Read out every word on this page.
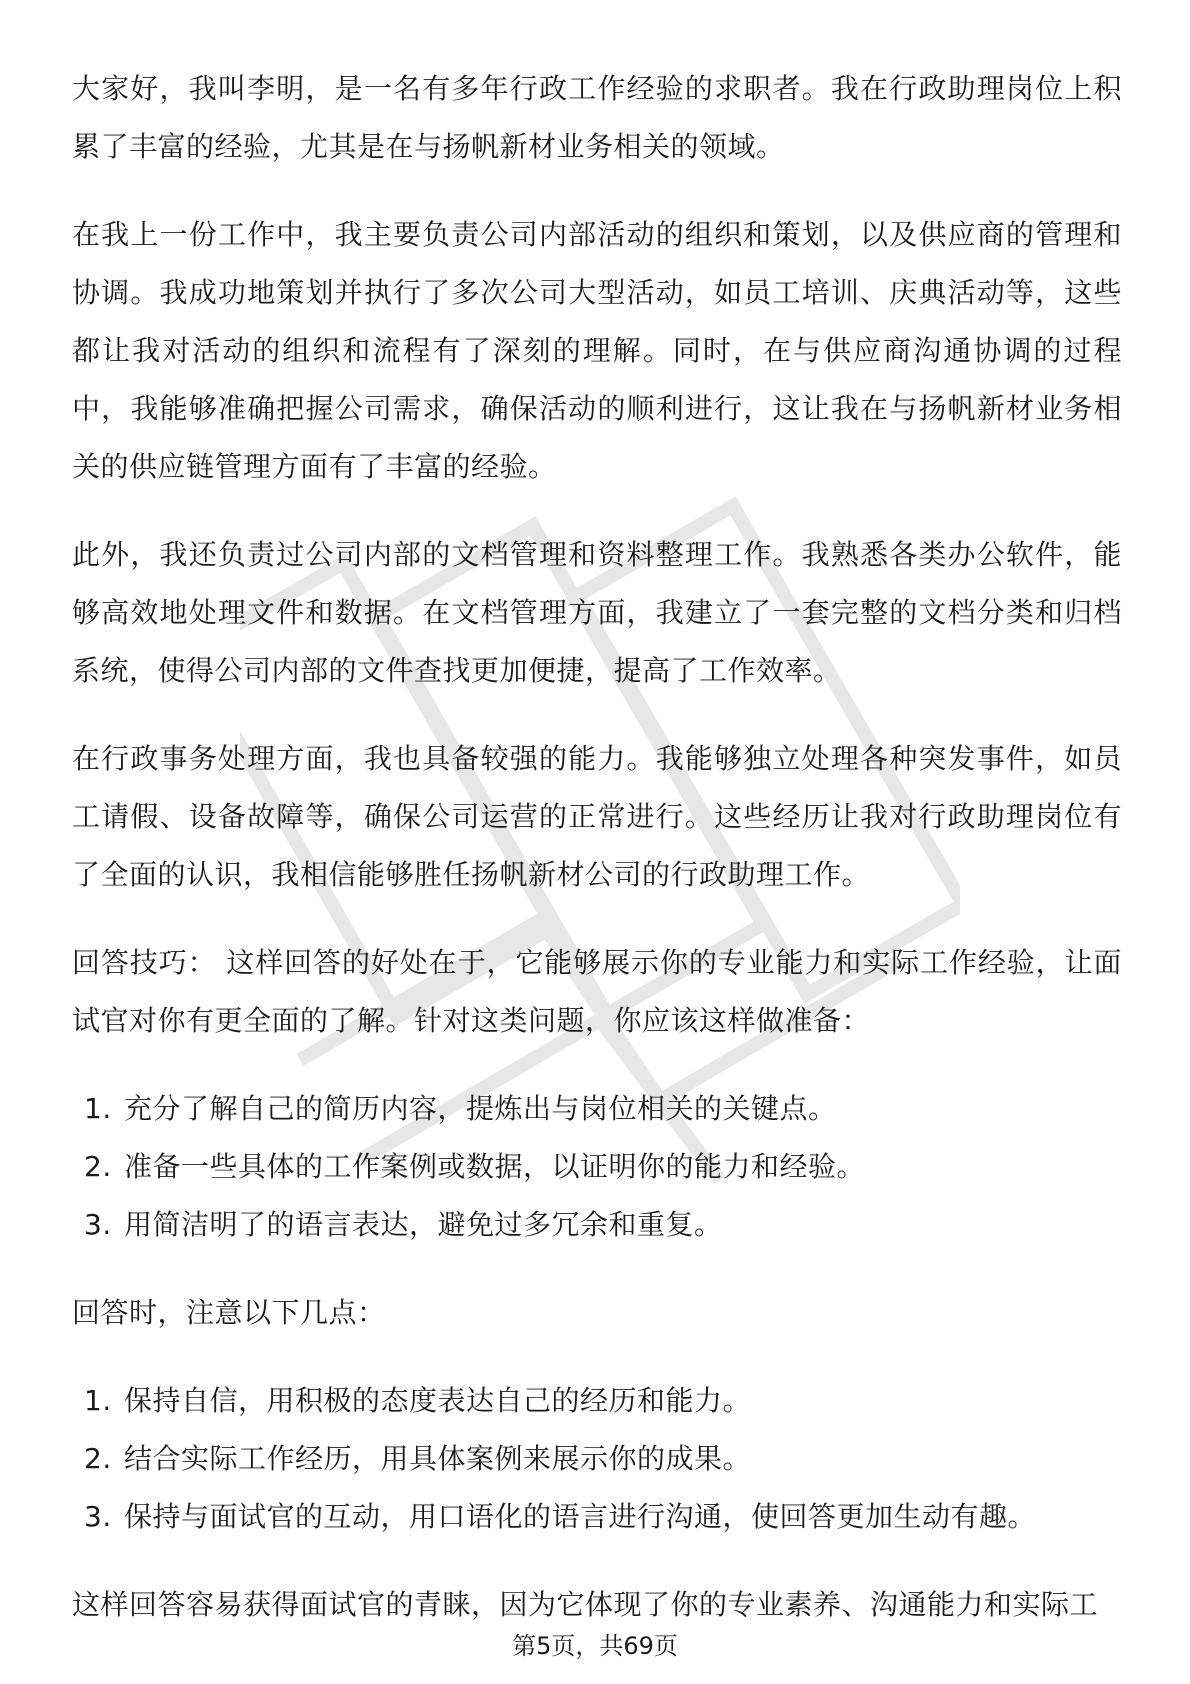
大家好，我叫李明，是一名有多年行政工作经验的求职者。我在行政助理岗位上积累了丰富的经验，尤其是在与扬帆新材业务相关的领域。

在我上一份工作中，我主要负责公司内部活动的组织和策划，以及供应商的管理和协调。我成功地策划并执行了多次公司大型活动，如员工培训、庆典活动等，这些都让我对活动的组织和流程有了深刻的理解。同时，在与供应商沟通协调的过程中，我能够准确把握公司需求，确保活动的顺利进行，这让我在与扬帆新材业务相关的供应链管理方面有了丰富的经验。

此外，我还负责过公司内部的文档管理和资料整理工作。我熟悉各类办公软件，能够高效地处理文件和数据。在文档管理方面，我建立了一套完整的文档分类和归档系统，使得公司内部的文件查找更加便捷，提高了工作效率。

在行政事务处理方面，我也具备较强的能力。我能够独立处理各种突发事件，如员工请假、设备故障等，确保公司运营的正常进行。这些经历让我对行政助理岗位有了全面的认识，我相信能够胜任扬帆新材公司的行政助理工作。

回答技巧： 这样回答的好处在于，它能够展示你的专业能力和实际工作经验，让面试官对你有更全面的了解。针对这类问题，你应该这样做准备：

1. 充分了解自己的简历内容，提炼出与岗位相关的关键点。
2. 准备一些具体的工作案例或数据，以证明你的能力和经验。
3. 用简洁明了的语言表达，避免过多冗余和重复。

回答时，注意以下几点：

1. 保持自信，用积极的态度表达自己的经历和能力。
2. 结合实际工作经历，用具体案例来展示你的成果。
3. 保持与面试官的互动，用口语化的语言进行沟通，使回答更加生动有趣。

这样回答容易获得面试官的青睐，因为它体现了你的专业素养、沟通能力和实际工

第5页，共69页
